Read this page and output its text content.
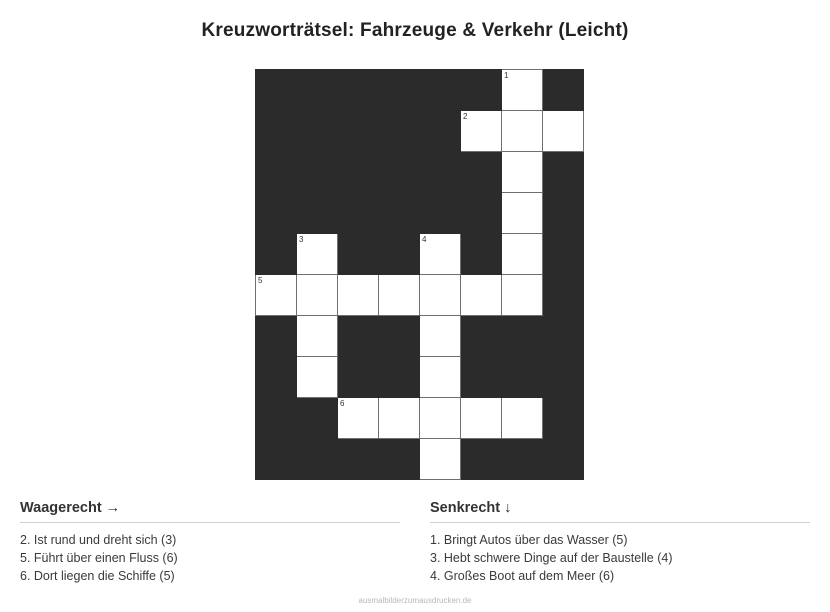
Kreuzworträtsel: Fahrzeuge & Verkehr (Leicht)

						1	

					2		

	3			4			

5							

		6					

Waagerecht →
2. Ist rund und dreht sich (3)
5. Führt über einen Fluss (6)
6. Dort liegen die Schiffe (5)
Senkrecht ↓
1. Bringt Autos über das Wasser (5)
3. Hebt schwere Dinge auf der Baustelle (4)
4. Großes Boot auf dem Meer (6)
ausmalbilderzumausdrucken.de
